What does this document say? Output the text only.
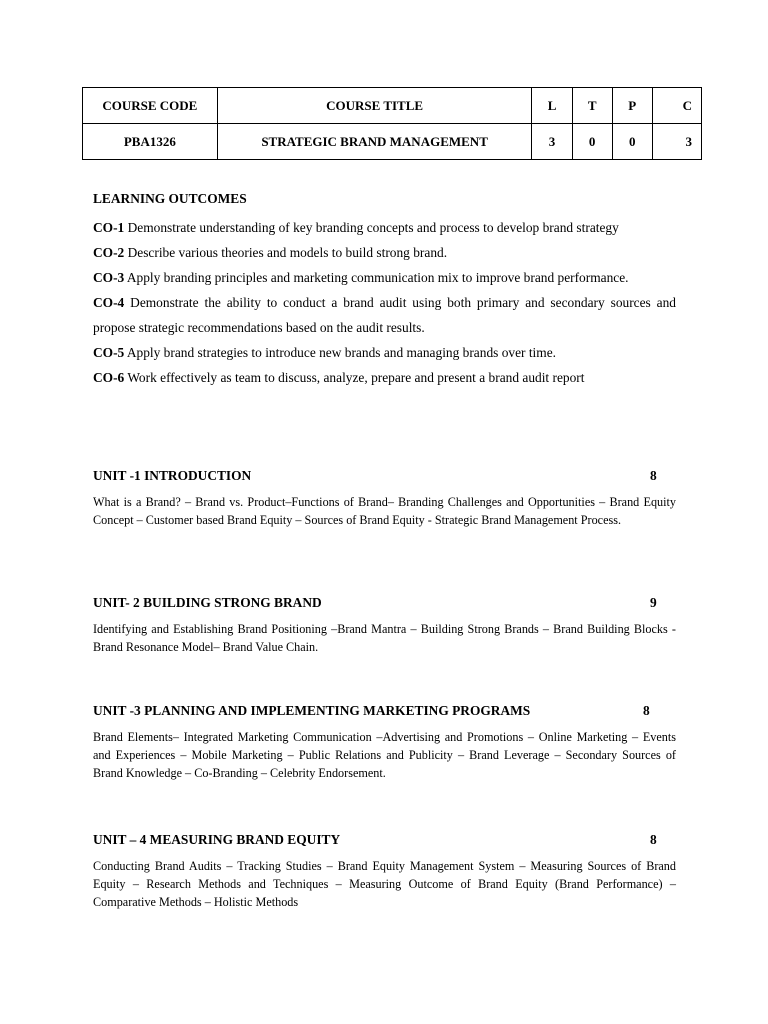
COURSE CODE	COURSE TITLE	L	T	P	C
PBA1326	STRATEGIC BRAND MANAGEMENT	3	0	0	3
LEARNING OUTCOMES

CO-1 Demonstrate understanding of key branding concepts and process to develop brand strategy

CO-2 Describe various theories and models to build strong brand.

CO-3 Apply branding principles and marketing communication mix to improve brand performance.

CO-4 Demonstrate the ability to conduct a brand audit using both primary and secondary sources and propose strategic recommendations based on the audit results.

CO-5 Apply brand strategies to introduce new brands and managing brands over time.

CO-6 Work effectively as team to discuss, analyze, prepare and present a brand audit report

UNIT -1 INTRODUCTION	8
What is a Brand? – Brand vs. Product–Functions of Brand– Branding Challenges and Opportunities – Brand Equity Concept – Customer based Brand Equity – Sources of Brand Equity - Strategic Brand Management Process.
UNIT- 2 BUILDING STRONG BRAND	9
Identifying and Establishing Brand Positioning –Brand Mantra – Building Strong Brands – Brand Building Blocks - Brand Resonance Model– Brand Value Chain.
UNIT -3 PLANNING AND IMPLEMENTING MARKETING PROGRAMS	8
Brand Elements– Integrated Marketing Communication –Advertising and Promotions – Online Marketing – Events and Experiences – Mobile Marketing – Public Relations and Publicity – Brand Leverage – Secondary Sources of Brand Knowledge – Co-Branding – Celebrity Endorsement.
UNIT – 4 MEASURING BRAND EQUITY	8
Conducting Brand Audits – Tracking Studies – Brand Equity Management System – Measuring Sources of Brand Equity – Research Methods and Techniques – Measuring Outcome of Brand Equity (Brand Performance) – Comparative Methods – Holistic Methods
